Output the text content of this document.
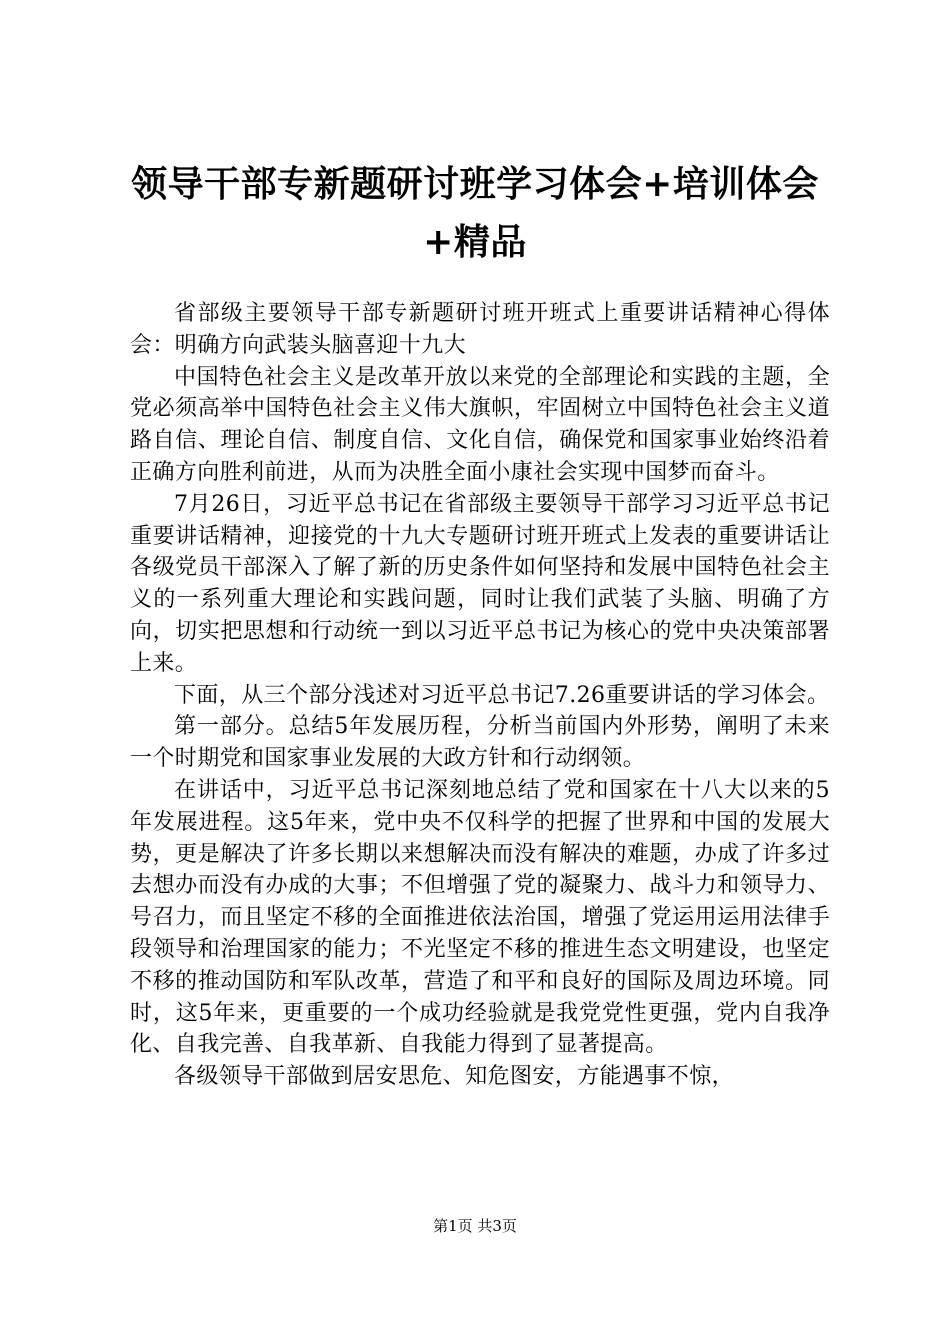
领导干部专新题研讨班学习体会+培训体会+精品

省部级主要领导干部专新题研讨班开班式上重要讲话精神心得体会：明确方向武装头脑喜迎十九大

中国特色社会主义是改革开放以来党的全部理论和实践的主题，全党必须高举中国特色社会主义伟大旗帜，牢固树立中国特色社会主义道路自信、理论自信、制度自信、文化自信，确保党和国家事业始终沿着正确方向胜利前进，从而为决胜全面小康社会实现中国梦而奋斗。

7月26日，习近平总书记在省部级主要领导干部学习习近平总书记重要讲话精神，迎接党的十九大专题研讨班开班式上发表的重要讲话让各级党员干部深入了解了新的历史条件如何坚持和发展中国特色社会主义的一系列重大理论和实践问题，同时让我们武装了头脑、明确了方向，切实把思想和行动统一到以习近平总书记为核心的党中央决策部署上来。

下面，从三个部分浅述对习近平总书记7.26重要讲话的学习体会。

第一部分。总结5年发展历程，分析当前国内外形势，阐明了未来一个时期党和国家事业发展的大政方针和行动纲领。

在讲话中，习近平总书记深刻地总结了党和国家在十八大以来的5年发展进程。这5年来，党中央不仅科学的把握了世界和中国的发展大势，更是解决了许多长期以来想解决而没有解决的难题，办成了许多过去想办而没有办成的大事；不但增强了党的凝聚力、战斗力和领导力、号召力，而且坚定不移的全面推进依法治国，增强了党运用运用法律手段领导和治理国家的能力；不光坚定不移的推进生态文明建设，也坚定不移的推动国防和军队改革，营造了和平和良好的国际及周边环境。同时，这5年来，更重要的一个成功经验就是我党党性更强，党内自我净化、自我完善、自我革新、自我能力得到了显著提高。

各级领导干部做到居安思危、知危图安，方能遇事不惊，

第1页 共3页
